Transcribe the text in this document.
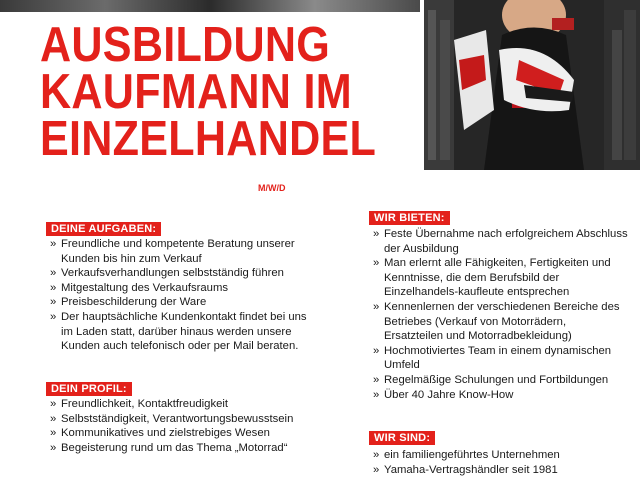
AUSBILDUNG
KAUFMANN IM
EINZELHANDEL
M/W/D
DEINE AUFGABEN:
» Freundliche und kompetente Beratung unserer Kunden bis hin zum Verkauf
» Verkaufsverhandlungen selbstständig führen
» Mitgestaltung des Verkaufsraums
» Preisbeschilderung der Ware
» Der hauptsächliche Kundenkontakt findet bei uns im Laden statt, darüber hinaus werden unsere Kunden auch telefonisch oder per Mail beraten.
DEIN PROFIL:
» Freundlichkeit, Kontaktfreudigkeit
» Selbstständigkeit, Verantwortungsbewusstsein
» Kommunikatives und zielstrebiges Wesen
» Begeisterung rund um das Thema „Motorrad“
WIR BIETEN:
» Feste Übernahme nach erfolgreichem Abschluss der Ausbildung
» Man erlernt alle Fähigkeiten, Fertigkeiten und Kenntnisse, die dem Berufsbild der Einzelhandels-kaufleute entsprechen
» Kennenlernen der verschiedenen Bereiche des Betriebes (Verkauf von Motorrädern, Ersatzteilen und Motorradbekleidung)
» Hochmotiviertes Team in einem dynamischen Umfeld
» Regelmäßige Schulungen und Fortbildungen
» Über 40 Jahre Know-How
WIR SIND:
» ein familiengeführtes Unternehmen
» Yamaha-Vertragshändler seit 1981
